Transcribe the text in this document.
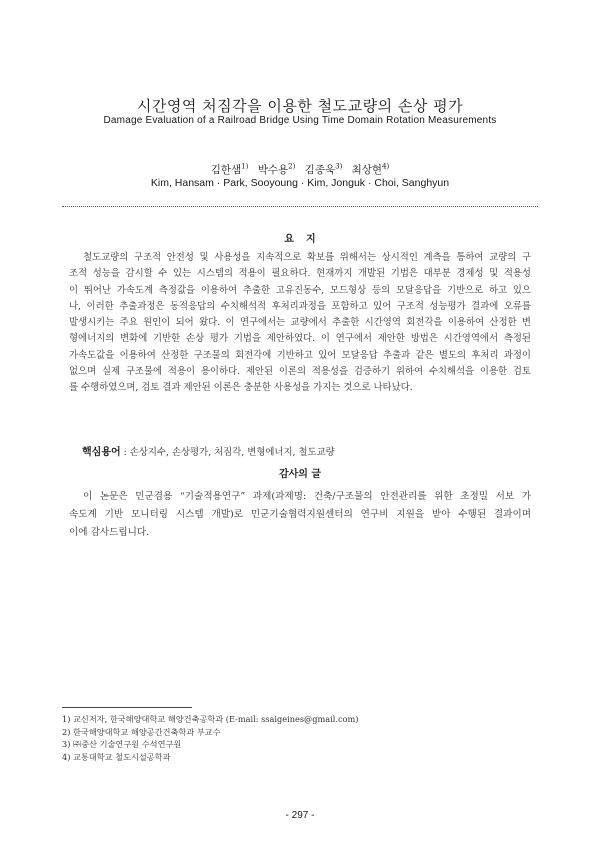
시간영역 처짐각을 이용한 철도교량의 손상 평가
Damage Evaluation of a Railroad Bridge Using Time Domain Rotation Measurements
김한샘$^{1)}$ 박수용$^{2)}$ 김종욱$^{3)}$ 최상현$^{4)}$
Kim, Hansam · Park, Sooyoung · Kim, Jonguk · Choi, Sanghyun
요지
철도교량의 구조적 안전성 및 사용성을 지속적으로 확보를 위해서는 상시적인 계측을 통하여 교량의 구
조적 성능을 감시할 수 있는 시스템의 적용이 필요하다. 현재까지 개발된 기법은 대부분 경제성 및 적용성
이 뛰어난 가속도계 측정값을 이용하여 추출한 고유진동수, 모드형상 등의 모달응답을 기반으로 하고 있으
나, 이러한 추출과정은 동적응답의 수치해석적 후처리과정을 포함하고 있어 구조적 성능평가 결과에 오류를
발생시키는 주요 원인이 되어 왔다. 이 연구에서는 교량에서 추출한 시간영역 회전각을 이용하여 산정한 변
형에너지의 변화에 기반한 손상 평가 기법을 제안하였다. 이 연구에서 제안한 방법은 시간영역에서 측정된
가속도값을 이용하여 산정한 구조물의 회전각에 기반하고 있어 모달응답 추출과 같은 별도의 후처리 과정이
없으며 실제 구조물에 적용이 용이하다. 제안된 이론의 적용성을 검증하기 위하여 수치해석을 이용한 검토
를 수행하였으며, 검토 결과 제안된 이론은 충분한 사용성을 가지는 것으로 나타났다.
핵심용어 : 손상지수, 손상평가, 처짐각, 변형에너지, 철도교량
감사의 글
이 논문은 민군겸용 “기술적용연구” 과제(과제명: 건축/구조물의 안전관리를 위한 초정밀 서보 가
속도계 기반 모니터링 시스템 개발)로 민군기술협력지원센터의 연구비 지원을 받아 수행된 결과이며
이에 감사드립니다.
1) 교신저자, 한국해양대학교 해양건축공학과 (E-mail: ssaigeines@gmail.com)
2) 한국해양대학교 해양공간건축학과 부교수
3) ㈜중산 기술연구원 수석연구원
4) 교통대학교 철도시설공학과
- 297 -
